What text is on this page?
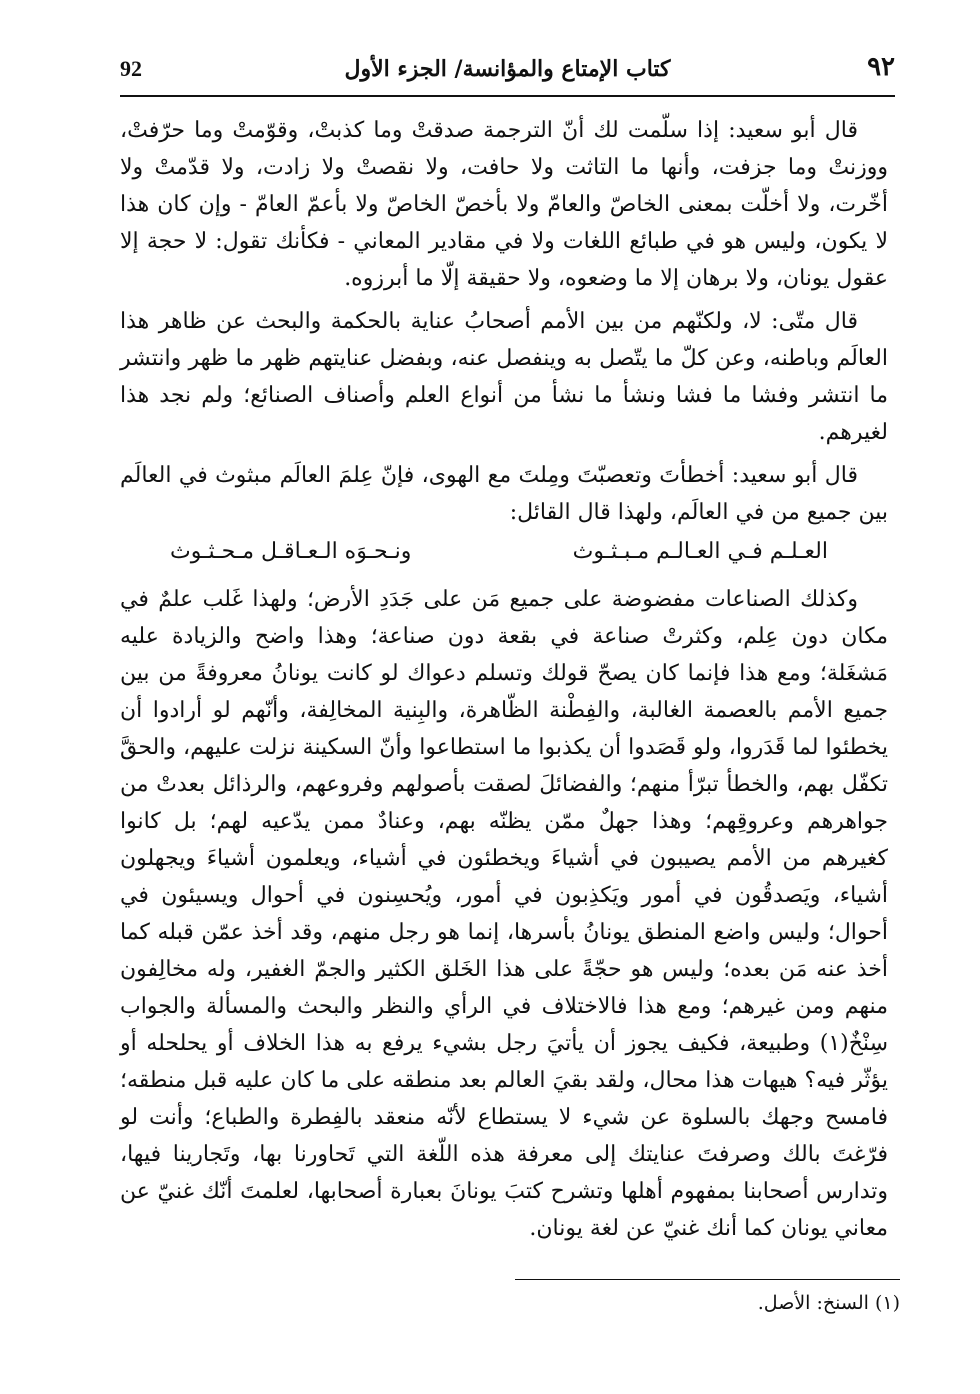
٩٢
كتاب الإمتاع والمؤانسة/ الجزء الأول
92

قال أبو سعيد: إذا سلّمت لك أنّ الترجمة صدقتْ وما كذبتْ، وقوّمتْ وما حرّفتْ، ووزنتْ وما جزفت، وأنها ما التاثت ولا حافت، ولا نقصتْ ولا زادت، ولا قدّمتْ ولا أخّرت، ولا أخلّت بمعنى الخاصّ والعامّ ولا بأخصّ الخاصّ ولا بأعمّ العامّ - وإن كان هذا لا يكون، وليس هو في طبائع اللغات ولا في مقادير المعاني - فكأنك تقول: لا حجة إلا عقول يونان، ولا برهان إلا ما وضعوه، ولا حقيقة إلّا ما أبرزوه.

قال متّى: لا، ولكنّهم من بين الأمم أصحابُ عناية بالحكمة والبحث عن ظاهر هذا العالَم وباطنه، وعن كلّ ما يتّصل به وينفصل عنه، وبفضل عنايتهم ظهر ما ظهر وانتشر ما انتشر وفشا ما فشا ونشأ ما نشأ من أنواع العلم وأصناف الصنائع؛ ولم نجد هذا لغيرهم.

قال أبو سعيد: أخطأتَ وتعصبّتَ ومِلتَ مع الهوى، فإنّ عِلمَ العالَم مبثوث في العالَم بين جميع من في العالَم، ولهذا قال القائل:

العـلـم فـي العـالـم مـبـثـوث
ونـحـوَه الـعـاقـل مـحـثـوث

وكذلك الصناعات مفضوضة على جميع مَن على جَدَدِ الأرض؛ ولهذا غَلب علمٌ في مكان دون عِلم، وكثرتْ صناعة في بقعة دون صناعة؛ وهذا واضح والزيادة عليه مَشغَلة؛ ومع هذا فإنما كان يصحّ قولك وتسلم دعواك لو كانت يونانُ معروفةً من بين جميع الأمم بالعصمة الغالبة، والفِطْنة الظّاهرة، والبِنية المخالِفة، وأنّهم لو أرادوا أن يخطئوا لما قَدَروا، ولو قَصَدوا أن يكذبوا ما استطاعوا وأنّ السكينة نزلت عليهم، والحقَّ تكفّل بهم، والخطأ تبرّأ منهم؛ والفضائلَ لصقت بأصولهم وفروعهم، والرذائل بعدتْ من جواهرهم وعروقِهم؛ وهذا جهلٌ ممّن يظنّه بهم، وعنادٌ ممن يدّعيه لهم؛ بل كانوا كغيرهم من الأمم يصيبون في أشياءَ ويخطئون في أشياء، ويعلمون أشياءَ ويجهلون أشياء، ويَصدقُون في أمور ويَكذِبون في أمور، ويُحسِنون في أحوال ويسيئون في أحوال؛ وليس واضع المنطق يونانُ بأسرها، إنما هو رجل منهم، وقد أخذ عمّن قبله كما أخذ عنه مَن بعده؛ وليس هو حجّةً على هذا الخَلق الكثير والجمّ الغفير، وله مخالِفون منهم ومن غيرهم؛ ومع هذا فالاختلاف في الرأي والنظر والبحث والمسألة والجواب سِنْخٌ(١) وطبيعة، فكيف يجوز أن يأتيَ رجل بشيء يرفع به هذا الخلاف أو يحلحله أو يؤثّر فيه؟ هيهات هذا محال، ولقد بقيَ العالم بعد منطقه على ما كان عليه قبل منطقه؛ فامسح وجهك بالسلوة عن شيء لا يستطاع لأنّه منعقد بالفِطرة والطباع؛ وأنت لو فرّغتَ بالك وصرفتَ عنايتك إلى معرفة هذه اللّغة التي تَحاورنا بها، وتَجارينا فيها، وتدارس أصحابنا بمفهوم أهلها وتشرح كتبَ يونانَ بعبارة أصحابها، لعلمتَ أنّك غنيّ عن معاني يونان كما أنك غنيّ عن لغة يونان.

(١) السنخ: الأصل.
